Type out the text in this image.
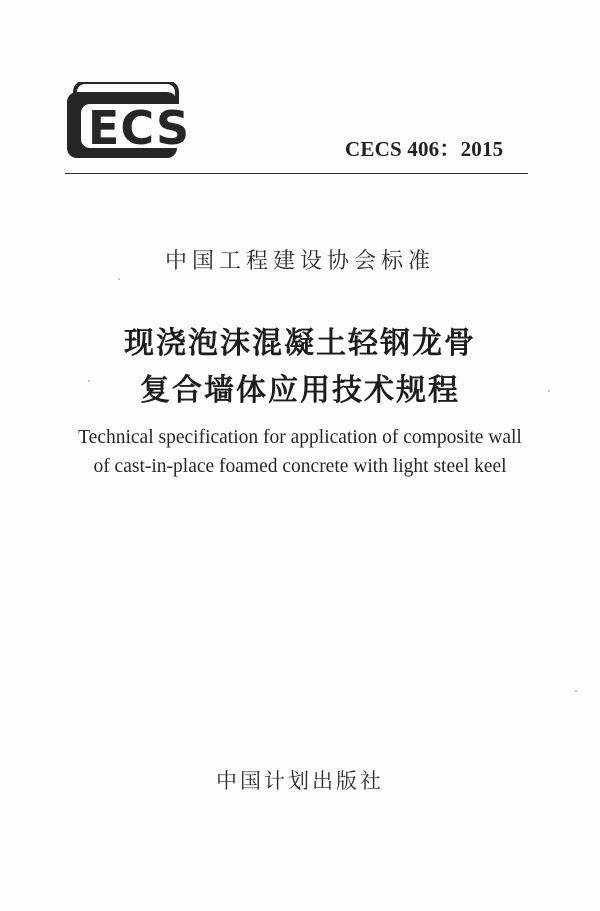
ECS	CECS 406：2015
中国工程建设协会标准
现浇泡沫混凝土轻钢龙骨
复合墙体应用技术规程
Technical specification for application of composite wall
of cast-in-place foamed concrete with light steel keel
中国计划出版社
